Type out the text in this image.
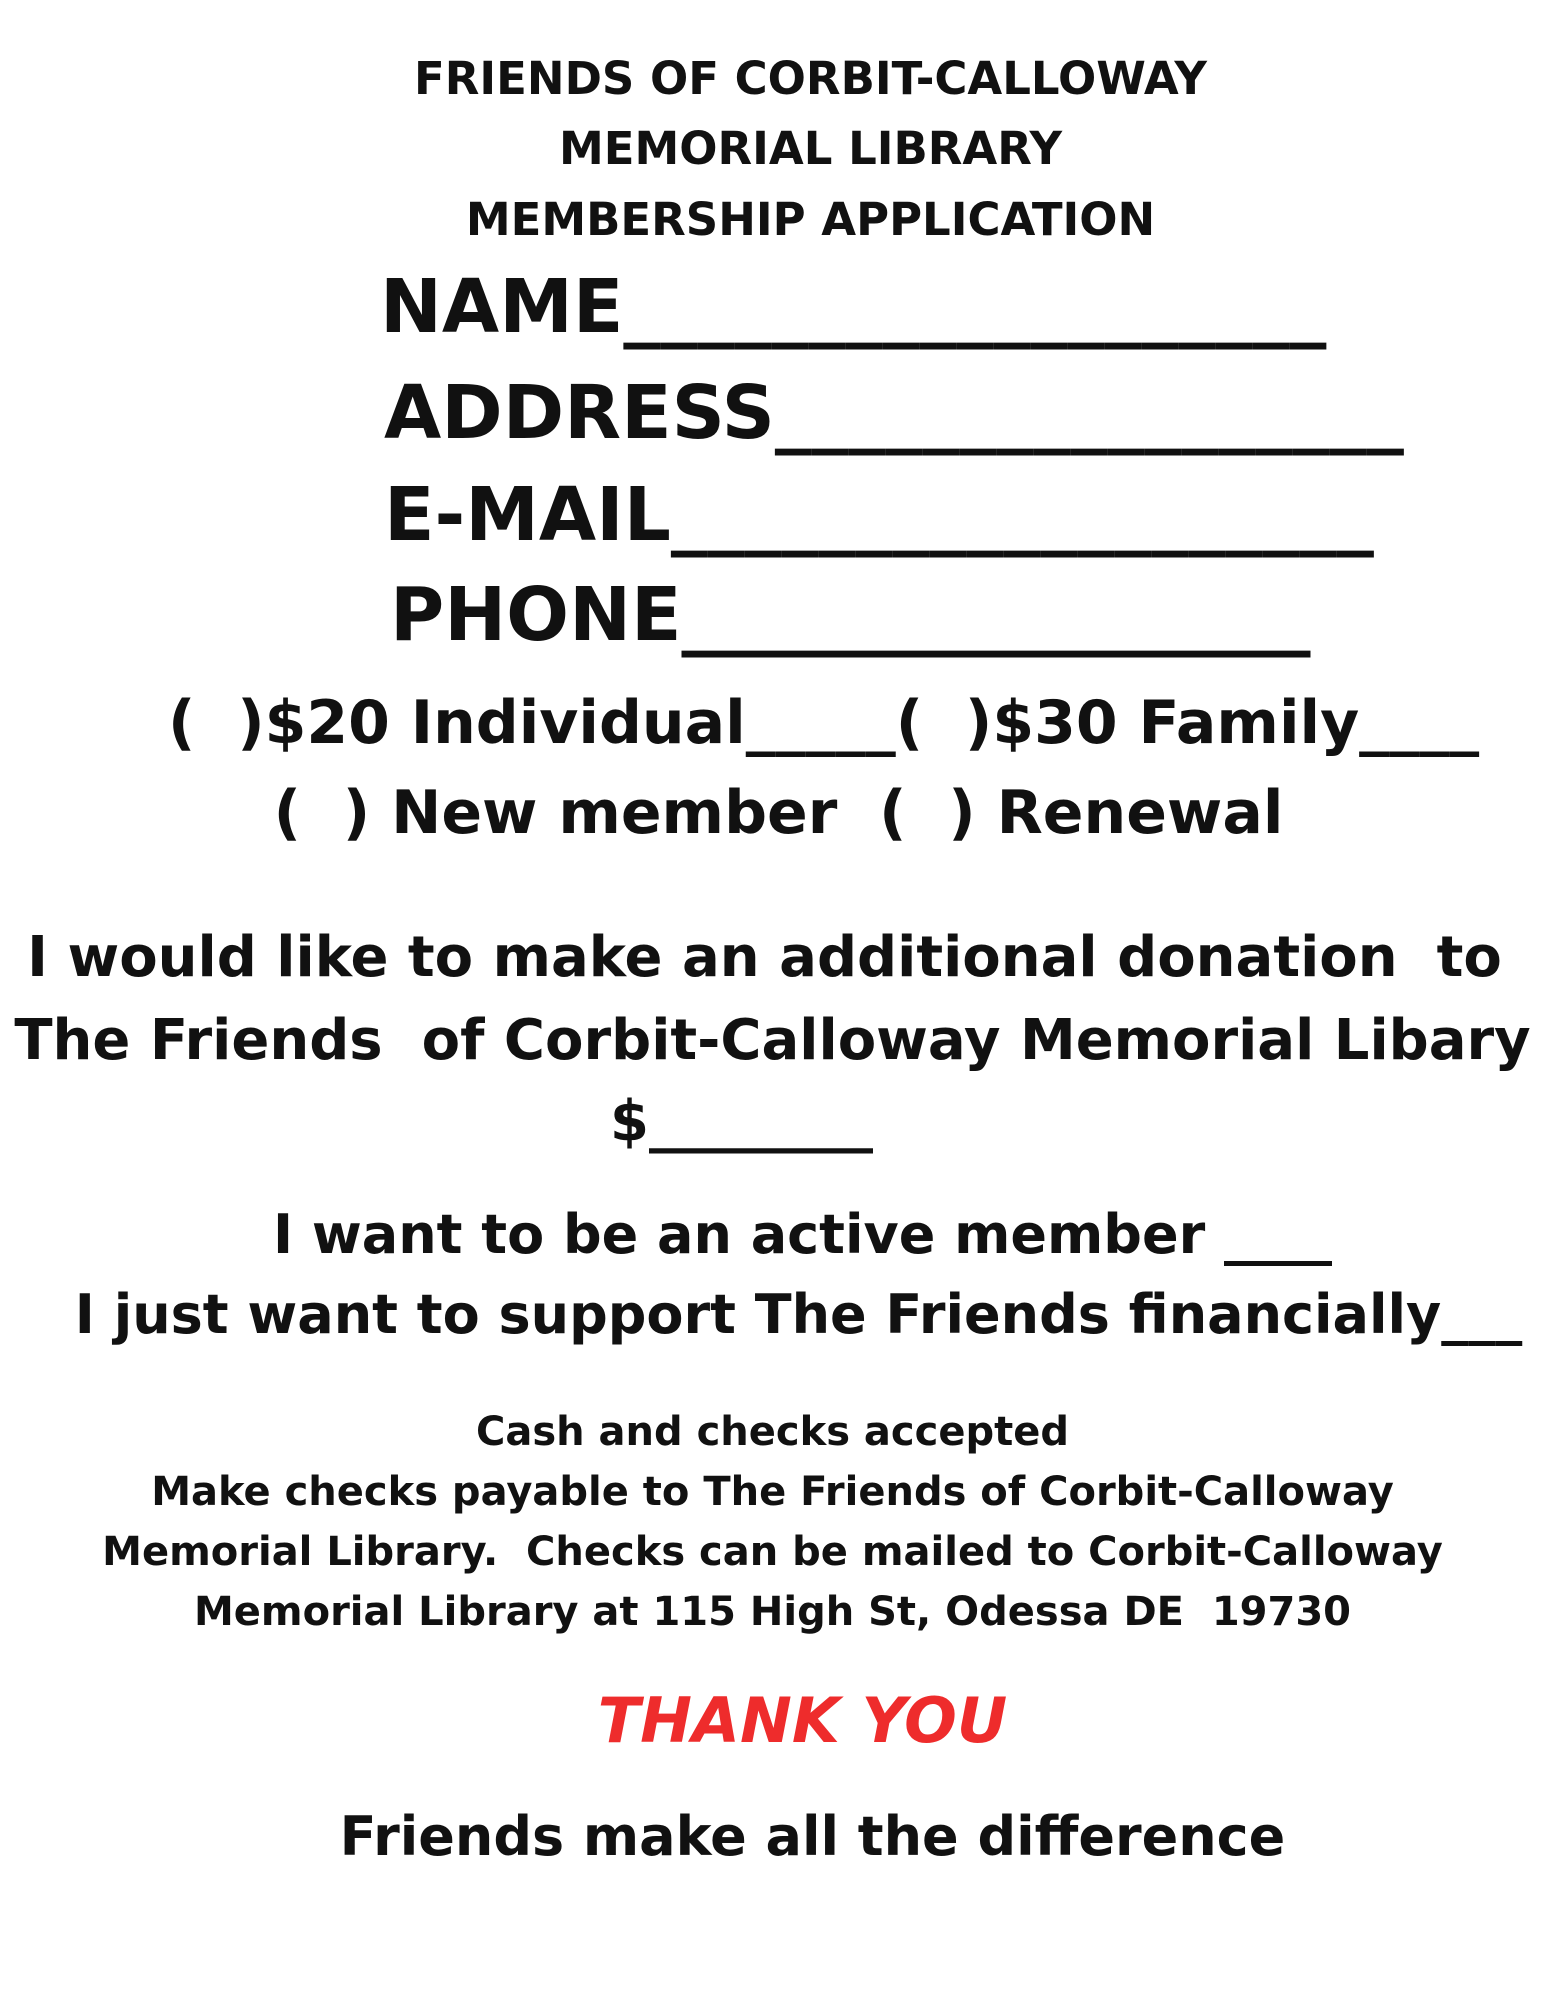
FRIENDS OF CORBIT-CALLOWAY
MEMORIAL LIBRARY
MEMBERSHIP APPLICATION
NAME___________________
ADDRESS_________________
E-MAIL___________________
PHONE_________________
(  )$20 Individual_____(  )$30 Family____
(  ) New member  (  ) Renewal
I would like to make an additional donation  to
The Friends  of Corbit-Calloway Memorial Libary
$________
I want to be an active member ____
I just want to support The Friends financially___
Cash and checks accepted
Make checks payable to The Friends of Corbit-Calloway
Memorial Library.  Checks can be mailed to Corbit-Calloway
Memorial Library at 115 High St, Odessa DE  19730
THANK YOU
Friends make all the difference
